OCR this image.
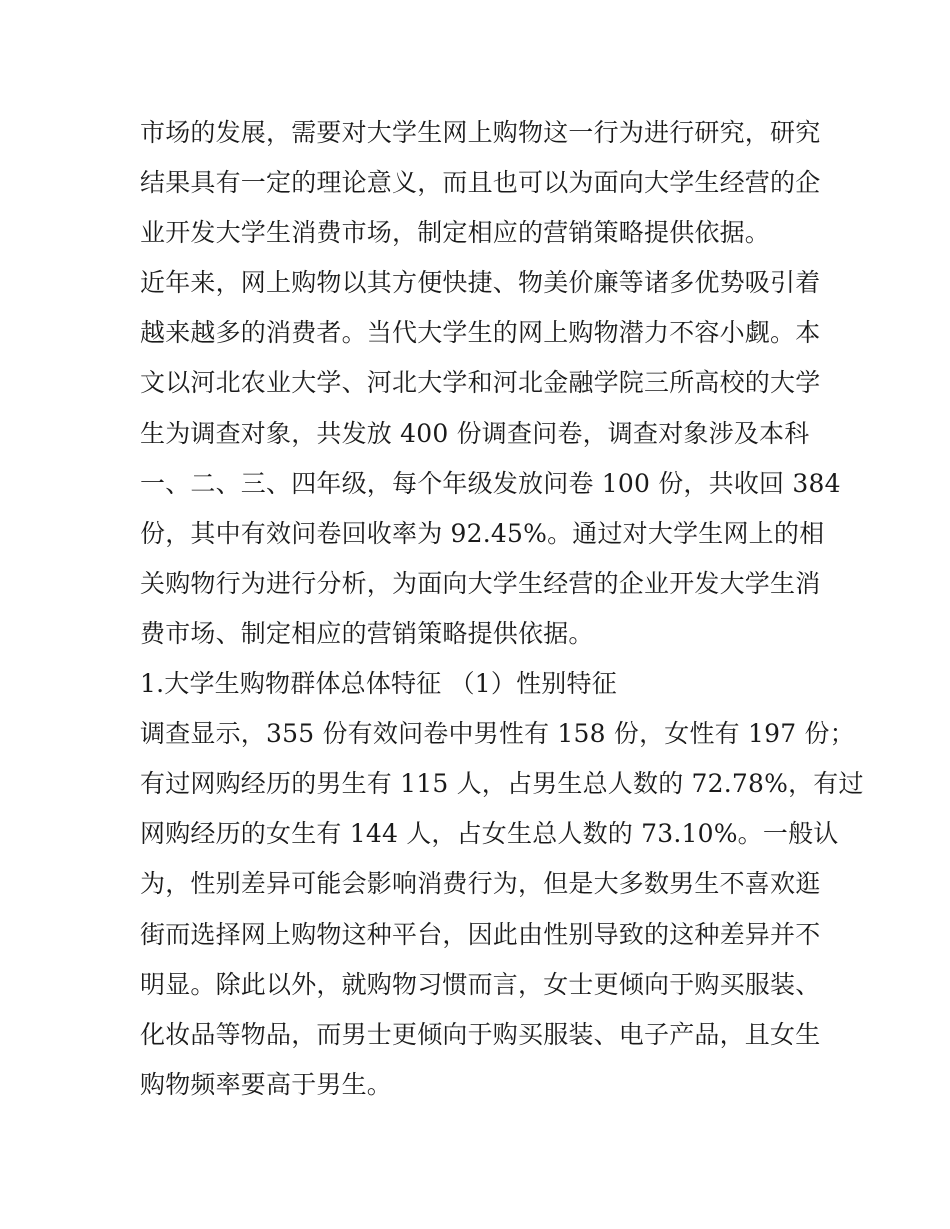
市场的发展，需要对大学生网上购物这一行为进行研究，研究
结果具有一定的理论意义，而且也可以为面向大学生经营的企
业开发大学生消费市场，制定相应的营销策略提供依据。
近年来，网上购物以其方便快捷、物美价廉等诸多优势吸引着
越来越多的消费者。当代大学生的网上购物潜力不容小觑。本
文以河北农业大学、河北大学和河北金融学院三所高校的大学
生为调查对象，共发放 400 份调查问卷，调查对象涉及本科
一、二、三、四年级，每个年级发放问卷 100 份，共收回 384
份，其中有效问卷回收率为 92.45%。通过对大学生网上的相
关购物行为进行分析，为面向大学生经营的企业开发大学生消
费市场、制定相应的营销策略提供依据。
1.大学生购物群体总体特征 （1）性别特征
调查显示，355 份有效问卷中男性有 158 份，女性有 197 份；
有过网购经历的男生有 115 人，占男生总人数的 72.78%，有过
网购经历的女生有 144 人，占女生总人数的 73.10%。一般认
为，性别差异可能会影响消费行为，但是大多数男生不喜欢逛
街而选择网上购物这种平台，因此由性别导致的这种差异并不
明显。除此以外，就购物习惯而言，女士更倾向于购买服装、
化妆品等物品，而男士更倾向于购买服装、电子产品，且女生
购物频率要高于男生。
